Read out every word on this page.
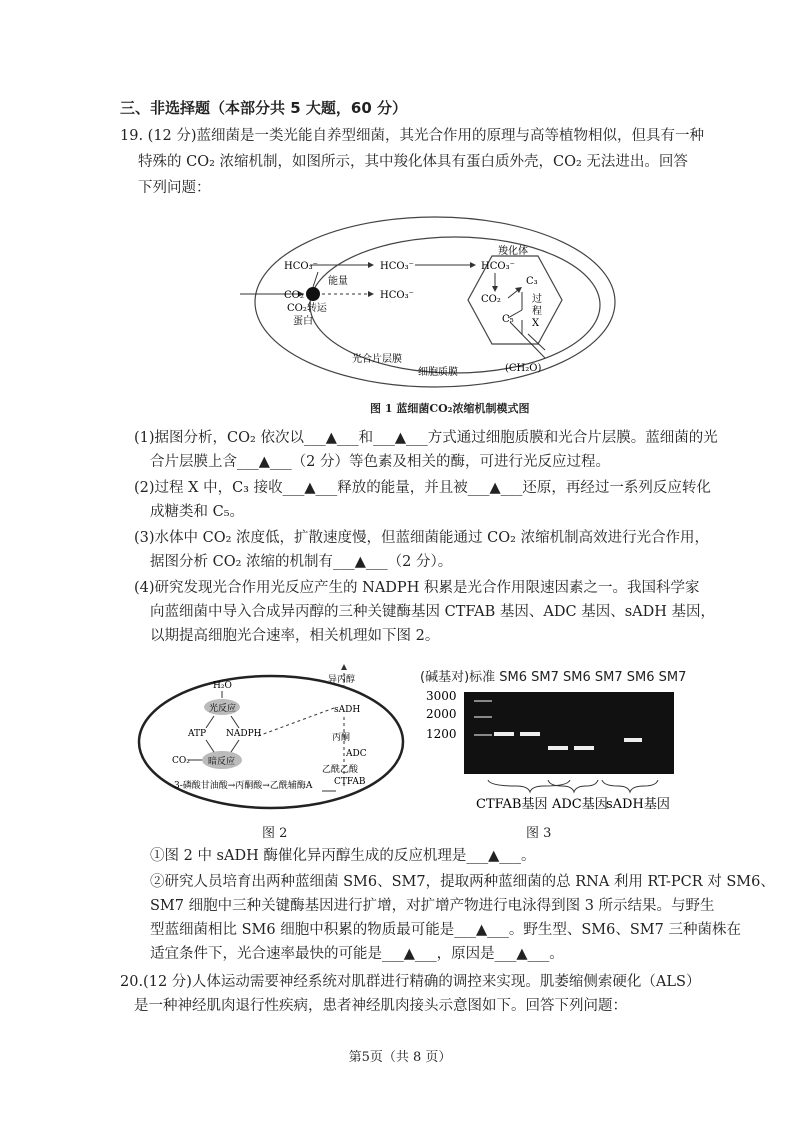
三、非选择题（本部分共 5 大题，60 分）
19. (12 分)蓝细菌是一类光能自养型细菌，其光合作用的原理与高等植物相似，但具有一种
特殊的 CO₂ 浓缩机制，如图所示，其中羧化体具有蛋白质外壳，CO₂ 无法进出。回答
下列问题：
HCO₃⁻
CO₂
能量
HCO₃⁻
HCO₃⁻
CO₂转运
蛋白
羧化体
HCO₃⁻
CO₂
C₃
C₅
过
程
X
光合片层膜
细胞质膜	(CH₂O)
图 1 蓝细菌CO₂浓缩机制模式图
(1)据图分析，CO₂ 依次以___▲___和___▲___方式通过细胞质膜和光合片层膜。蓝细菌的光
合片层膜上含___▲___（2 分）等色素及相关的酶，可进行光反应过程。
(2)过程 X 中，C₃ 接收___▲___释放的能量，并且被___▲___还原，再经过一系列反应转化
成糖类和 C₅。
(3)水体中 CO₂ 浓度低，扩散速度慢，但蓝细菌能通过 CO₂ 浓缩机制高效进行光合作用，
据图分析 CO₂ 浓缩的机制有___▲___（2 分）。
(4)研究发现光合作用光反应产生的 NADPH 积累是光合作用限速因素之一。我国科学家
向蓝细菌中导入合成异丙醇的三种关键酶基因 CTFAB 基因、ADC 基因、sADH 基因，
以期提高细胞光合速率，相关机理如下图 2。
H₂O
光反应
ATP NADPH
CO₂ 暗反应
3-磷酸甘油酸→丙酮酸→乙酰辅酶A
异丙醇
sADH
丙酮
ADC
乙酰乙酸
CTFAB
图 2
(碱基对)标准 SM6 SM7 SM6 SM7 SM6 SM7
3000
2000
1200
CTFAB基因 ADC基因
sADH基因
图 3
①图 2 中 sADH 酶催化异丙醇生成的反应机理是___▲___。
②研究人员培育出两种蓝细菌 SM6、SM7，提取两种蓝细菌的总 RNA 利用 RT-PCR 对 SM6、
SM7 细胞中三种关键酶基因进行扩增，对扩增产物进行电泳得到图 3 所示结果。与野生
型蓝细菌相比 SM6 细胞中积累的物质最可能是___▲___。野生型、SM6、SM7 三种菌株在
适宜条件下，光合速率最快的可能是___▲___，原因是___▲___。
20.(12 分)人体运动需要神经系统对肌群进行精确的调控来实现。肌萎缩侧索硬化（ALS）
是一种神经肌肉退行性疾病，患者神经肌肉接头示意图如下。回答下列问题：
第5页（共 8 页）
